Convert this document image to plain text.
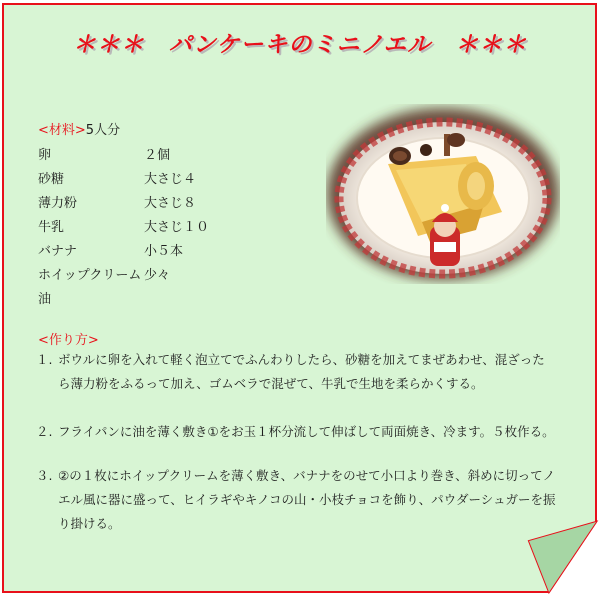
＊＊＊　パンケーキのミニノエル　＊＊＊
<材料>5人分
卵	２個
砂糖	大さじ４
薄力粉	大さじ８
牛乳	大さじ１０
バナナ	小５本
ホイップクリーム 少々
油
<作り方>
１. ボウルに卵を入れて軽く泡立てでふんわりしたら、砂糖を加えてまぜあわせ、混ざったら薄力粉をふるって加え、ゴムベラで混ぜて、牛乳で生地を柔らかくする。
２. フライパンに油を薄く敷き①をお玉１杯分流して伸ばして両面焼き、冷ます。５枚作る。
３. ②の１枚にホイップクリームを薄く敷き、バナナをのせて小口より巻き、斜めに切ってノエル風に器に盛って、ヒイラギやキノコの山・小枝チョコを飾り、パウダーシュガーを振り掛ける。
